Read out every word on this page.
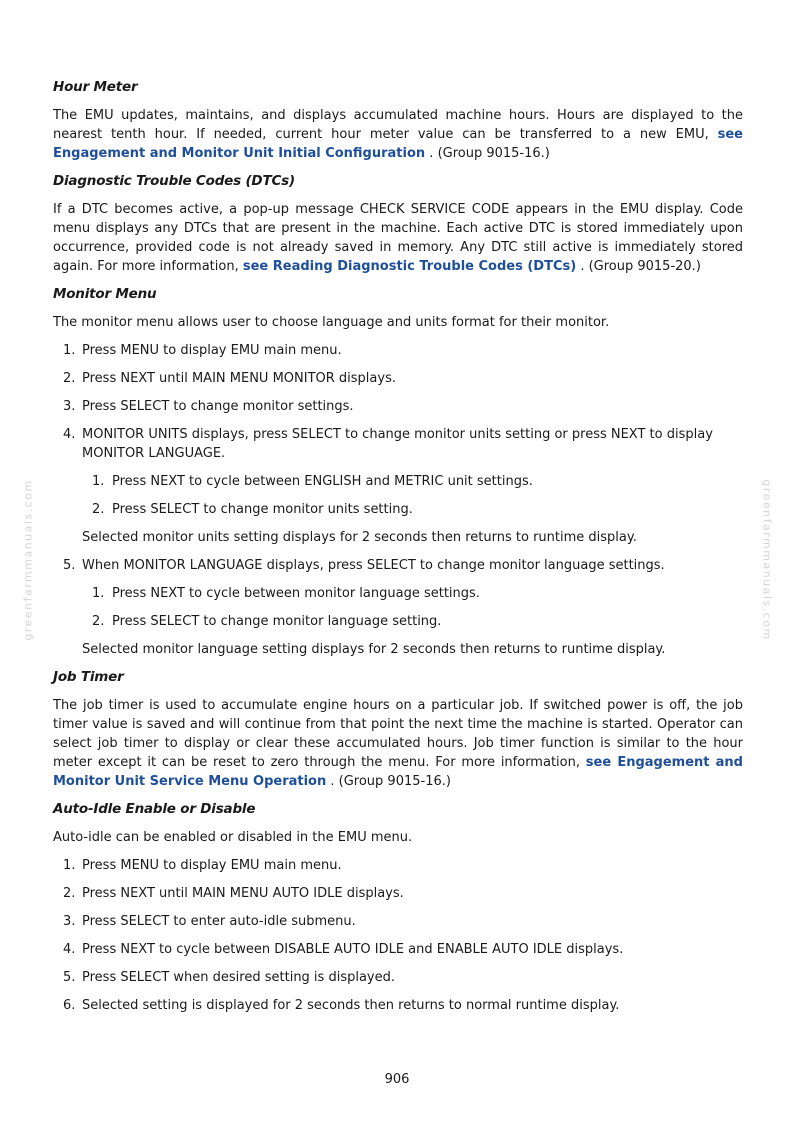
greenfarmmanuals.com	greenfarmmanuals.com
Hour Meter

The EMU updates, maintains, and displays accumulated machine hours. Hours are displayed to the nearest tenth hour. If needed, current hour meter value can be transferred to a new EMU, see Engagement and Monitor Unit Initial Configuration . (Group 9015-16.)

Diagnostic Trouble Codes (DTCs)

If a DTC becomes active, a pop-up message CHECK SERVICE CODE appears in the EMU display. Code menu displays any DTCs that are present in the machine. Each active DTC is stored immediately upon occurrence, provided code is not already saved in memory. Any DTC still active is immediately stored again. For more information, see Reading Diagnostic Trouble Codes (DTCs) . (Group 9015-20.)

Monitor Menu

The monitor menu allows user to choose language and units format for their monitor.

1. Press MENU to display EMU main menu.
2. Press NEXT until MAIN MENU MONITOR displays.
3. Press SELECT to change monitor settings.
4. MONITOR UNITS displays, press SELECT to change monitor units setting or press NEXT to display MONITOR LANGUAGE.
1. Press NEXT to cycle between ENGLISH and METRIC unit settings.
2. Press SELECT to change monitor units setting.
Selected monitor units setting displays for 2 seconds then returns to runtime display.
5. When MONITOR LANGUAGE displays, press SELECT to change monitor language settings.
1. Press NEXT to cycle between monitor language settings.
2. Press SELECT to change monitor language setting.
Selected monitor language setting displays for 2 seconds then returns to runtime display.
Job Timer

The job timer is used to accumulate engine hours on a particular job. If switched power is off, the job timer value is saved and will continue from that point the next time the machine is started. Operator can select job timer to display or clear these accumulated hours. Job timer function is similar to the hour meter except it can be reset to zero through the menu. For more information, see Engagement and Monitor Unit Service Menu Operation . (Group 9015-16.)

Auto-Idle Enable or Disable

Auto-idle can be enabled or disabled in the EMU menu.

1. Press MENU to display EMU main menu.
2. Press NEXT until MAIN MENU AUTO IDLE displays.
3. Press SELECT to enter auto-idle submenu.
4. Press NEXT to cycle between DISABLE AUTO IDLE and ENABLE AUTO IDLE displays.
5. Press SELECT when desired setting is displayed.
6. Selected setting is displayed for 2 seconds then returns to normal runtime display.
906
